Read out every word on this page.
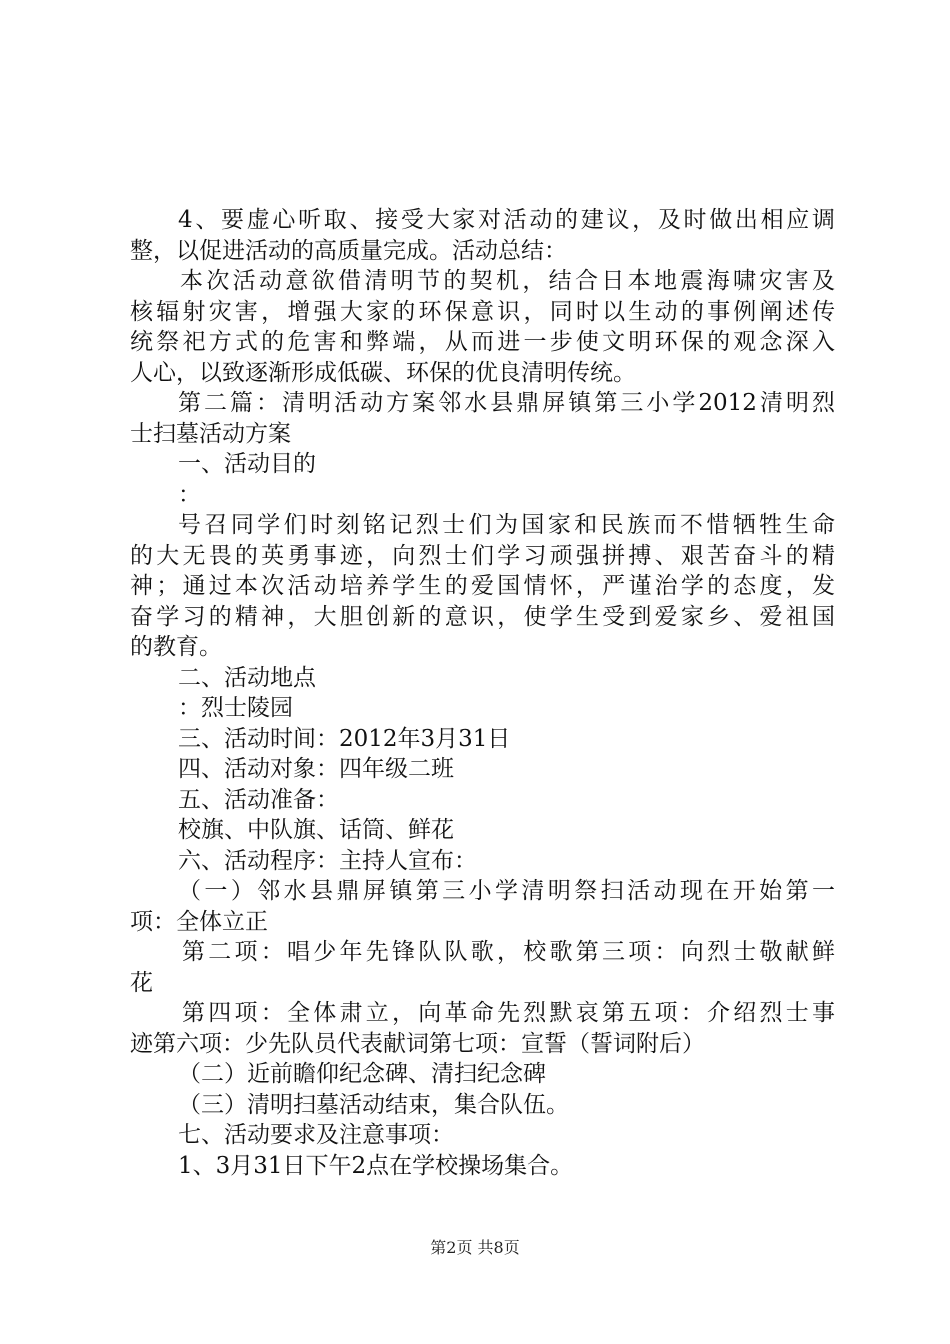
4、要虚心听取、接受大家对活动的建议，及时做出相应调
整，以促进活动的高质量完成。活动总结：
本次活动意欲借清明节的契机，结合日本地震海啸灾害及
核辐射灾害，增强大家的环保意识，同时以生动的事例阐述传
统祭祀方式的危害和弊端，从而进一步使文明环保的观念深入
人心，以致逐渐形成低碳、环保的优良清明传统。
第二篇：清明活动方案邻水县鼎屏镇第三小学2012清明烈
士扫墓活动方案
一、活动目的
：
号召同学们时刻铭记烈士们为国家和民族而不惜牺牲生命
的大无畏的英勇事迹，向烈士们学习顽强拼搏、艰苦奋斗的精
神；通过本次活动培养学生的爱国情怀，严谨治学的态度，发
奋学习的精神，大胆创新的意识，使学生受到爱家乡、爱祖国
的教育。
二、活动地点
：烈士陵园
三、活动时间：2012年3月31日
四、活动对象：四年级二班
五、活动准备：
校旗、中队旗、话筒、鲜花
六、活动程序：主持人宣布：
（一）邻水县鼎屏镇第三小学清明祭扫活动现在开始第一
项：全体立正
第二项：唱少年先锋队队歌，校歌第三项：向烈士敬献鲜
花
第四项：全体肃立，向革命先烈默哀第五项：介绍烈士事
迹第六项：少先队员代表献词第七项：宣誓（誓词附后）
（二）近前瞻仰纪念碑、清扫纪念碑
（三）清明扫墓活动结束，集合队伍。
七、活动要求及注意事项：
1、3月31日下午2点在学校操场集合。
第2页 共8页
